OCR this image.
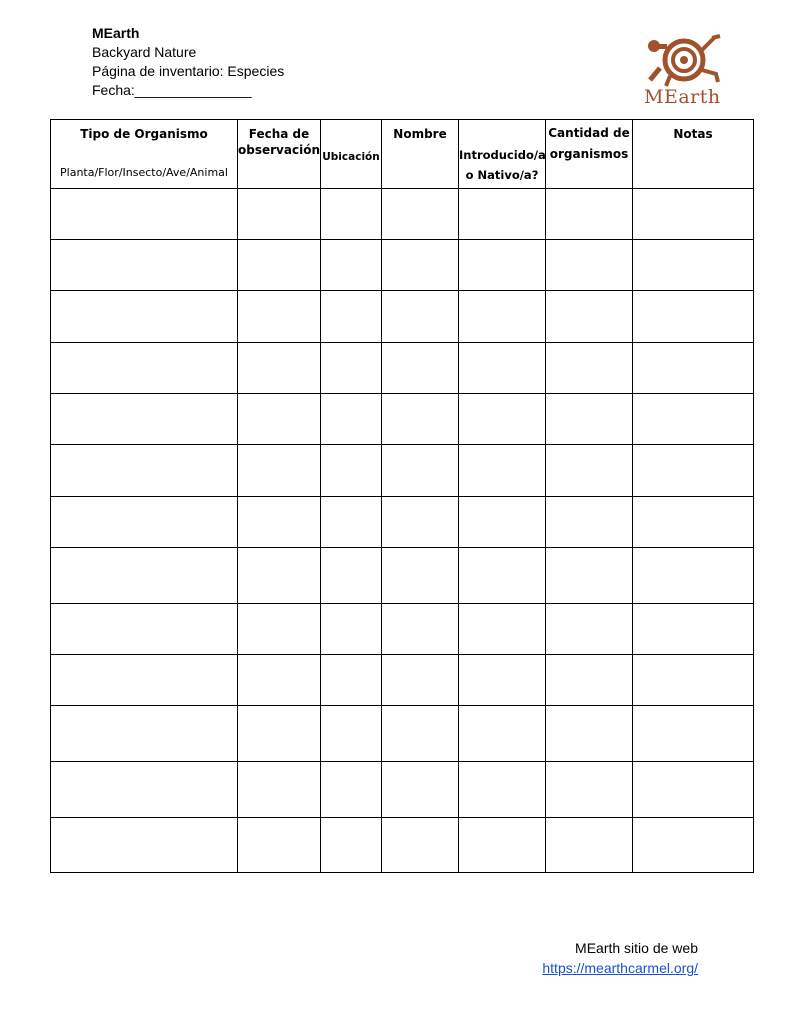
MEarth
Backyard Nature
Página de inventario: Especies
Fecha:_______________	MEarth
Tipo de Organismo
Planta/Flor/Insecto/Ave/Animal	Fecha de observación	Ubicación	Nombre	Introducido/a o Nativo/a?	Cantidad de organismos	Notas

MEarth sitio de web
https://mearthcarmel.org/
